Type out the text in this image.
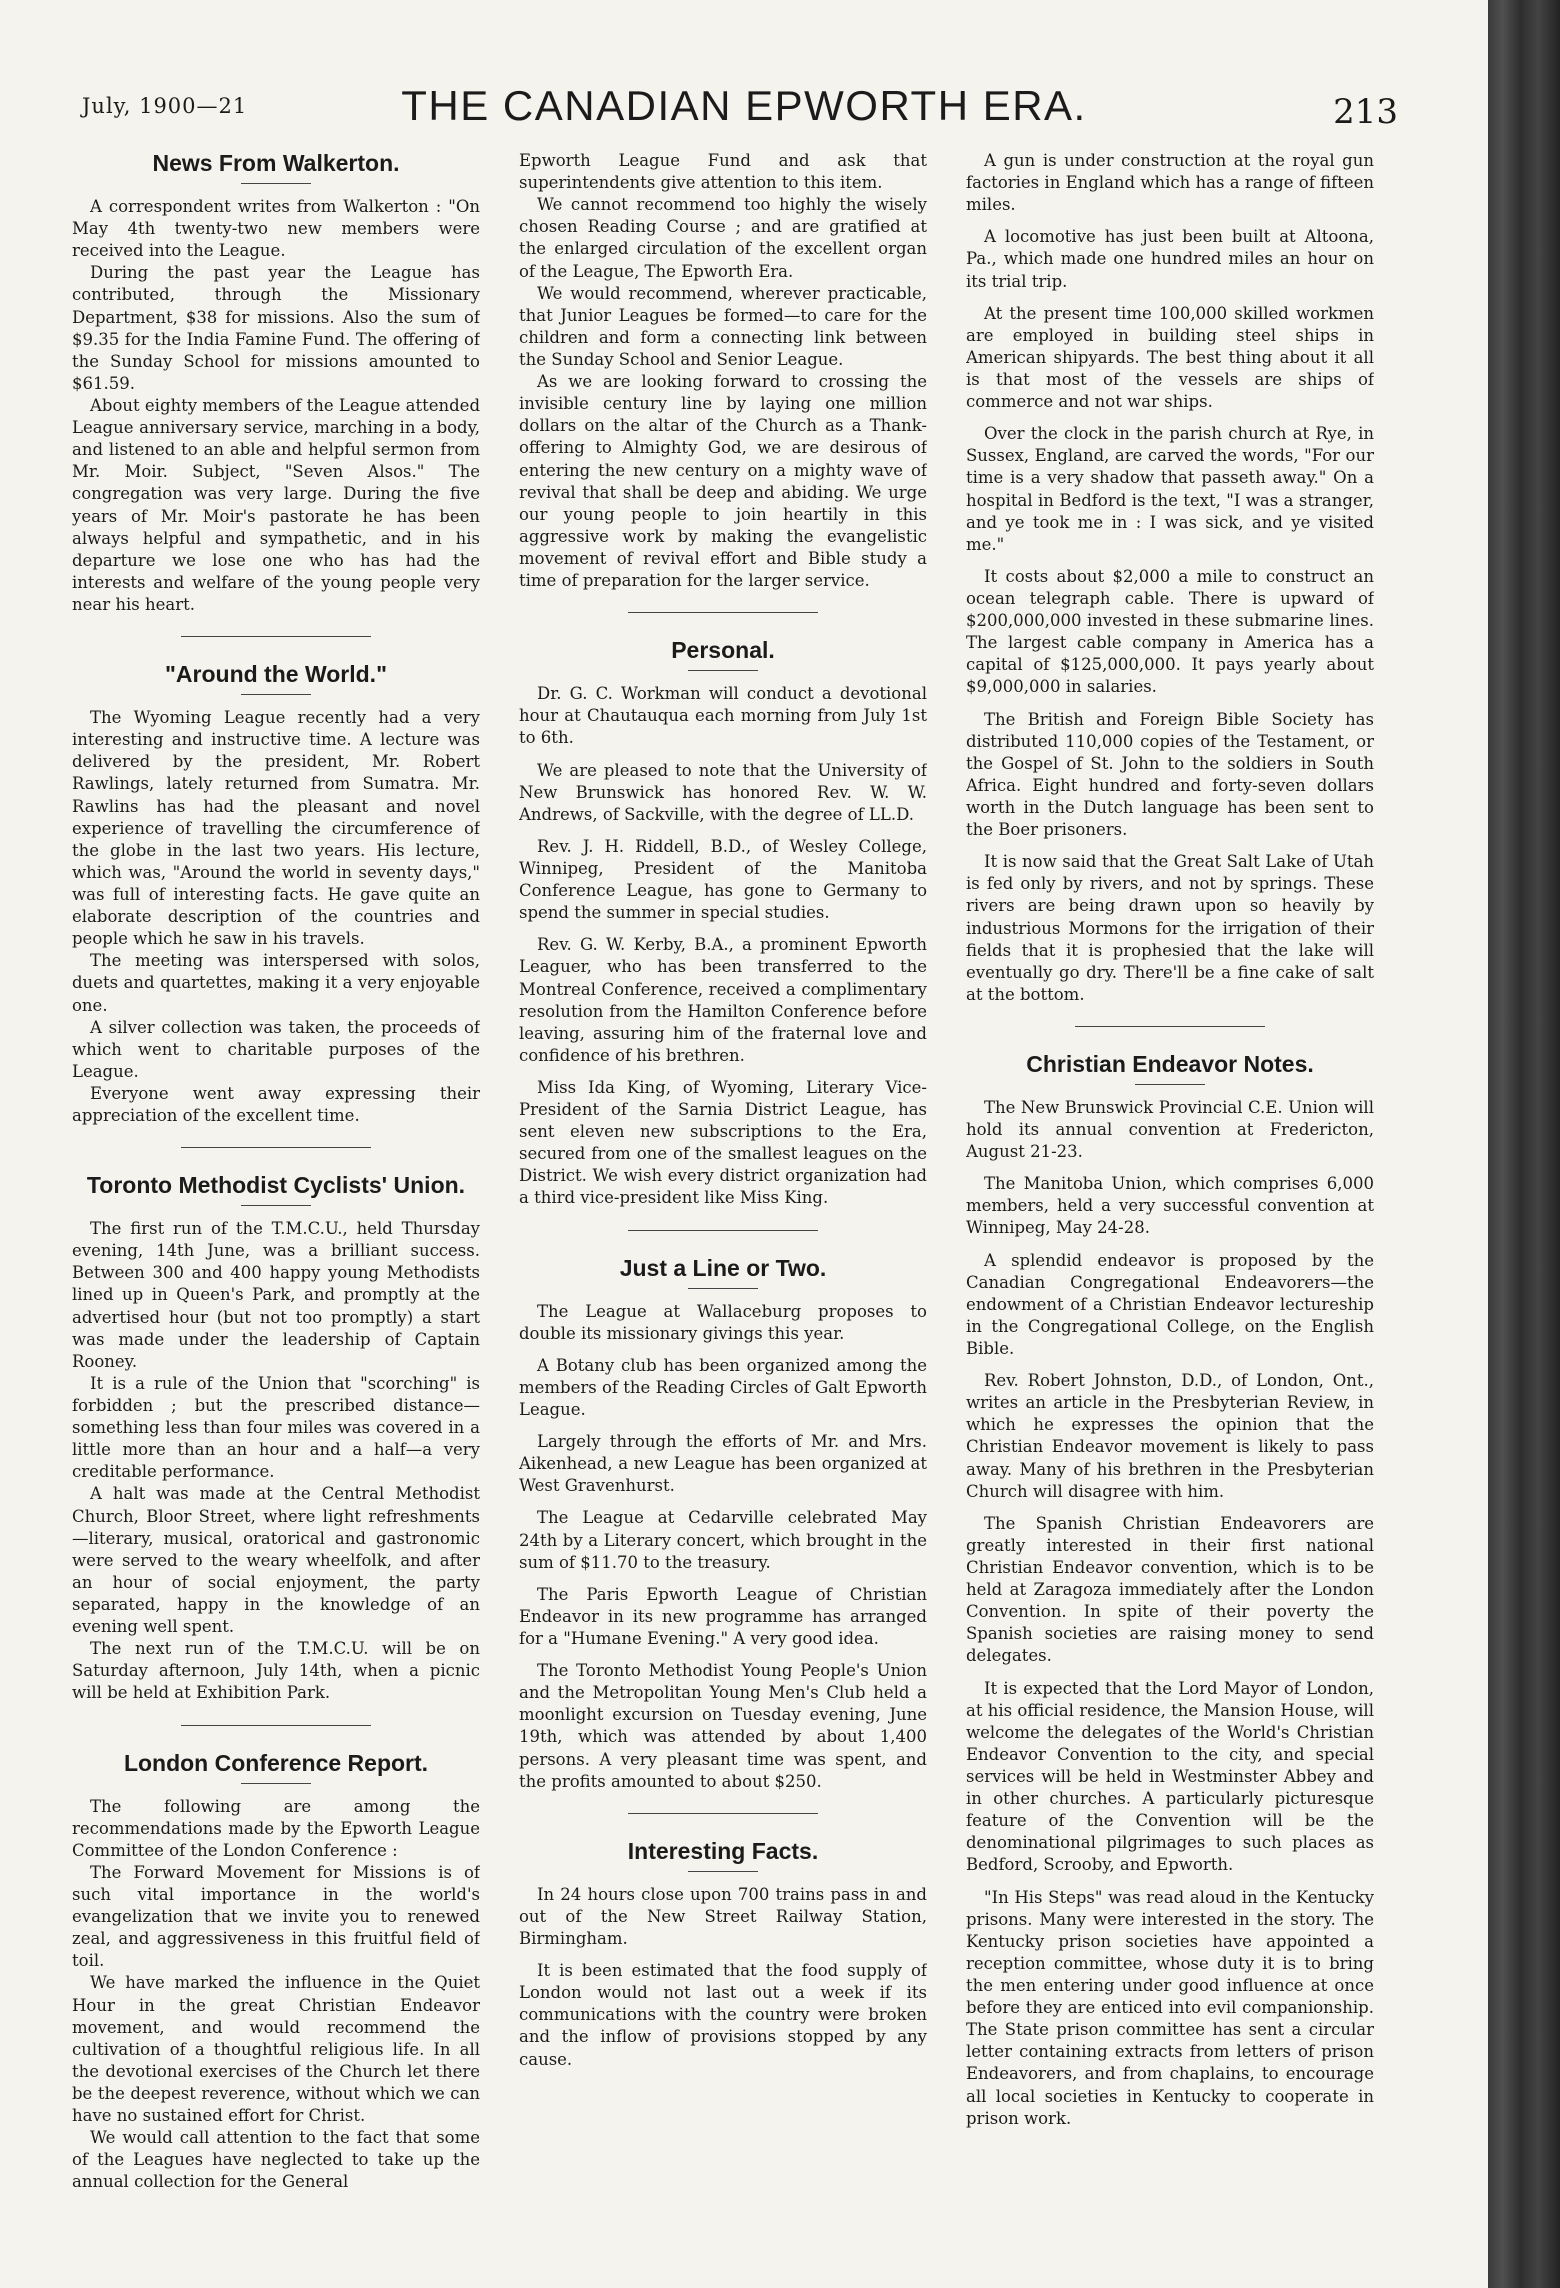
July, 1900—21	THE CANADIAN EPWORTH ERA.	213
News From Walkerton.

A correspondent writes from Walkerton : "On May 4th twenty-two new members were received into the League.

During the past year the League has contributed, through the Missionary Department, $38 for missions. Also the sum of $9.35 for the India Famine Fund. The offering of the Sunday School for missions amounted to $61.59.

About eighty members of the League attended League anniversary service, marching in a body, and listened to an able and helpful sermon from Mr. Moir. Subject, "Seven Alsos." The congregation was very large. During the five years of Mr. Moir's pastorate he has been always helpful and sympathetic, and in his departure we lose one who has had the interests and welfare of the young people very near his heart.

"Around the World."

The Wyoming League recently had a very interesting and instructive time. A lecture was delivered by the president, Mr. Robert Rawlings, lately returned from Sumatra. Mr. Rawlins has had the pleasant and novel experience of travelling the circumference of the globe in the last two years. His lecture, which was, "Around the world in seventy days," was full of interesting facts. He gave quite an elaborate description of the countries and people which he saw in his travels.

The meeting was interspersed with solos, duets and quartettes, making it a very enjoyable one.

A silver collection was taken, the proceeds of which went to charitable purposes of the League.

Everyone went away expressing their appreciation of the excellent time.

Toronto Methodist Cyclists' Union.

The first run of the T.M.C.U., held Thursday evening, 14th June, was a brilliant success. Between 300 and 400 happy young Methodists lined up in Queen's Park, and promptly at the advertised hour (but not too promptly) a start was made under the leadership of Captain Rooney.

It is a rule of the Union that "scorching" is forbidden ; but the prescribed distance—something less than four miles was covered in a little more than an hour and a half—a very creditable performance.

A halt was made at the Central Methodist Church, Bloor Street, where light refreshments—literary, musical, oratorical and gastronomic were served to the weary wheelfolk, and after an hour of social enjoyment, the party separated, happy in the knowledge of an evening well spent.

The next run of the T.M.C.U. will be on Saturday afternoon, July 14th, when a picnic will be held at Exhibition Park.

London Conference Report.

The following are among the recommendations made by the Epworth League Committee of the London Conference :

The Forward Movement for Missions is of such vital importance in the world's evangelization that we invite you to renewed zeal, and aggressiveness in this fruitful field of toil.

We have marked the influence in the Quiet Hour in the great Christian Endeavor movement, and would recommend the cultivation of a thoughtful religious life. In all the devotional exercises of the Church let there be the deepest reverence, without which we can have no sustained effort for Christ.

We would call attention to the fact that some of the Leagues have neglected to take up the annual collection for the General

Epworth League Fund and ask that superintendents give attention to this item.

We cannot recommend too highly the wisely chosen Reading Course ; and are gratified at the enlarged circulation of the excellent organ of the League, The Epworth Era.

We would recommend, wherever practicable, that Junior Leagues be formed—to care for the children and form a connecting link between the Sunday School and Senior League.

As we are looking forward to crossing the invisible century line by laying one million dollars on the altar of the Church as a Thank-offering to Almighty God, we are desirous of entering the new century on a mighty wave of revival that shall be deep and abiding. We urge our young people to join heartily in this aggressive work by making the evangelistic movement of revival effort and Bible study a time of preparation for the larger service.

Personal.

Dr. G. C. Workman will conduct a devotional hour at Chautauqua each morning from July 1st to 6th.

We are pleased to note that the University of New Brunswick has honored Rev. W. W. Andrews, of Sackville, with the degree of LL.D.

Rev. J. H. Riddell, B.D., of Wesley College, Winnipeg, President of the Manitoba Conference League, has gone to Germany to spend the summer in special studies.

Rev. G. W. Kerby, B.A., a prominent Epworth Leaguer, who has been transferred to the Montreal Conference, received a complimentary resolution from the Hamilton Conference before leaving, assuring him of the fraternal love and confidence of his brethren.

Miss Ida King, of Wyoming, Literary Vice-President of the Sarnia District League, has sent eleven new subscriptions to the Era, secured from one of the smallest leagues on the District. We wish every district organization had a third vice-president like Miss King.

Just a Line or Two.

The League at Wallaceburg proposes to double its missionary givings this year.

A Botany club has been organized among the members of the Reading Circles of Galt Epworth League.

Largely through the efforts of Mr. and Mrs. Aikenhead, a new League has been organized at West Gravenhurst.

The League at Cedarville celebrated May 24th by a Literary concert, which brought in the sum of $11.70 to the treasury.

The Paris Epworth League of Christian Endeavor in its new programme has arranged for a "Humane Evening." A very good idea.

The Toronto Methodist Young People's Union and the Metropolitan Young Men's Club held a moonlight excursion on Tuesday evening, June 19th, which was attended by about 1,400 persons. A very pleasant time was spent, and the profits amounted to about $250.

Interesting Facts.

In 24 hours close upon 700 trains pass in and out of the New Street Railway Station, Birmingham.

It is been estimated that the food supply of London would not last out a week if its communications with the country were broken and the inflow of provisions stopped by any cause.

A gun is under construction at the royal gun factories in England which has a range of fifteen miles.

A locomotive has just been built at Altoona, Pa., which made one hundred miles an hour on its trial trip.

At the present time 100,000 skilled workmen are employed in building steel ships in American shipyards. The best thing about it all is that most of the vessels are ships of commerce and not war ships.

Over the clock in the parish church at Rye, in Sussex, England, are carved the words, "For our time is a very shadow that passeth away." On a hospital in Bedford is the text, "I was a stranger, and ye took me in : I was sick, and ye visited me."

It costs about $2,000 a mile to construct an ocean telegraph cable. There is upward of $200,000,000 invested in these submarine lines. The largest cable company in America has a capital of $125,000,000. It pays yearly about $9,000,000 in salaries.

The British and Foreign Bible Society has distributed 110,000 copies of the Testament, or the Gospel of St. John to the soldiers in South Africa. Eight hundred and forty-seven dollars worth in the Dutch language has been sent to the Boer prisoners.

It is now said that the Great Salt Lake of Utah is fed only by rivers, and not by springs. These rivers are being drawn upon so heavily by industrious Mormons for the irrigation of their fields that it is prophesied that the lake will eventually go dry. There'll be a fine cake of salt at the bottom.

Christian Endeavor Notes.

The New Brunswick Provincial C.E. Union will hold its annual convention at Fredericton, August 21-23.

The Manitoba Union, which comprises 6,000 members, held a very successful convention at Winnipeg, May 24-28.

A splendid endeavor is proposed by the Canadian Congregational Endeavorers—the endowment of a Christian Endeavor lectureship in the Congregational College, on the English Bible.

Rev. Robert Johnston, D.D., of London, Ont., writes an article in the Presbyterian Review, in which he expresses the opinion that the Christian Endeavor movement is likely to pass away. Many of his brethren in the Presbyterian Church will disagree with him.

The Spanish Christian Endeavorers are greatly interested in their first national Christian Endeavor convention, which is to be held at Zaragoza immediately after the London Convention. In spite of their poverty the Spanish societies are raising money to send delegates.

It is expected that the Lord Mayor of London, at his official residence, the Mansion House, will welcome the delegates of the World's Christian Endeavor Convention to the city, and special services will be held in Westminster Abbey and in other churches. A particularly picturesque feature of the Convention will be the denominational pilgrimages to such places as Bedford, Scrooby, and Epworth.

"In His Steps" was read aloud in the Kentucky prisons. Many were interested in the story. The Kentucky prison societies have appointed a reception committee, whose duty it is to bring the men entering under good influence at once before they are enticed into evil companionship. The State prison committee has sent a circular letter containing extracts from letters of prison Endeavorers, and from chaplains, to encourage all local societies in Kentucky to cooperate in prison work.
